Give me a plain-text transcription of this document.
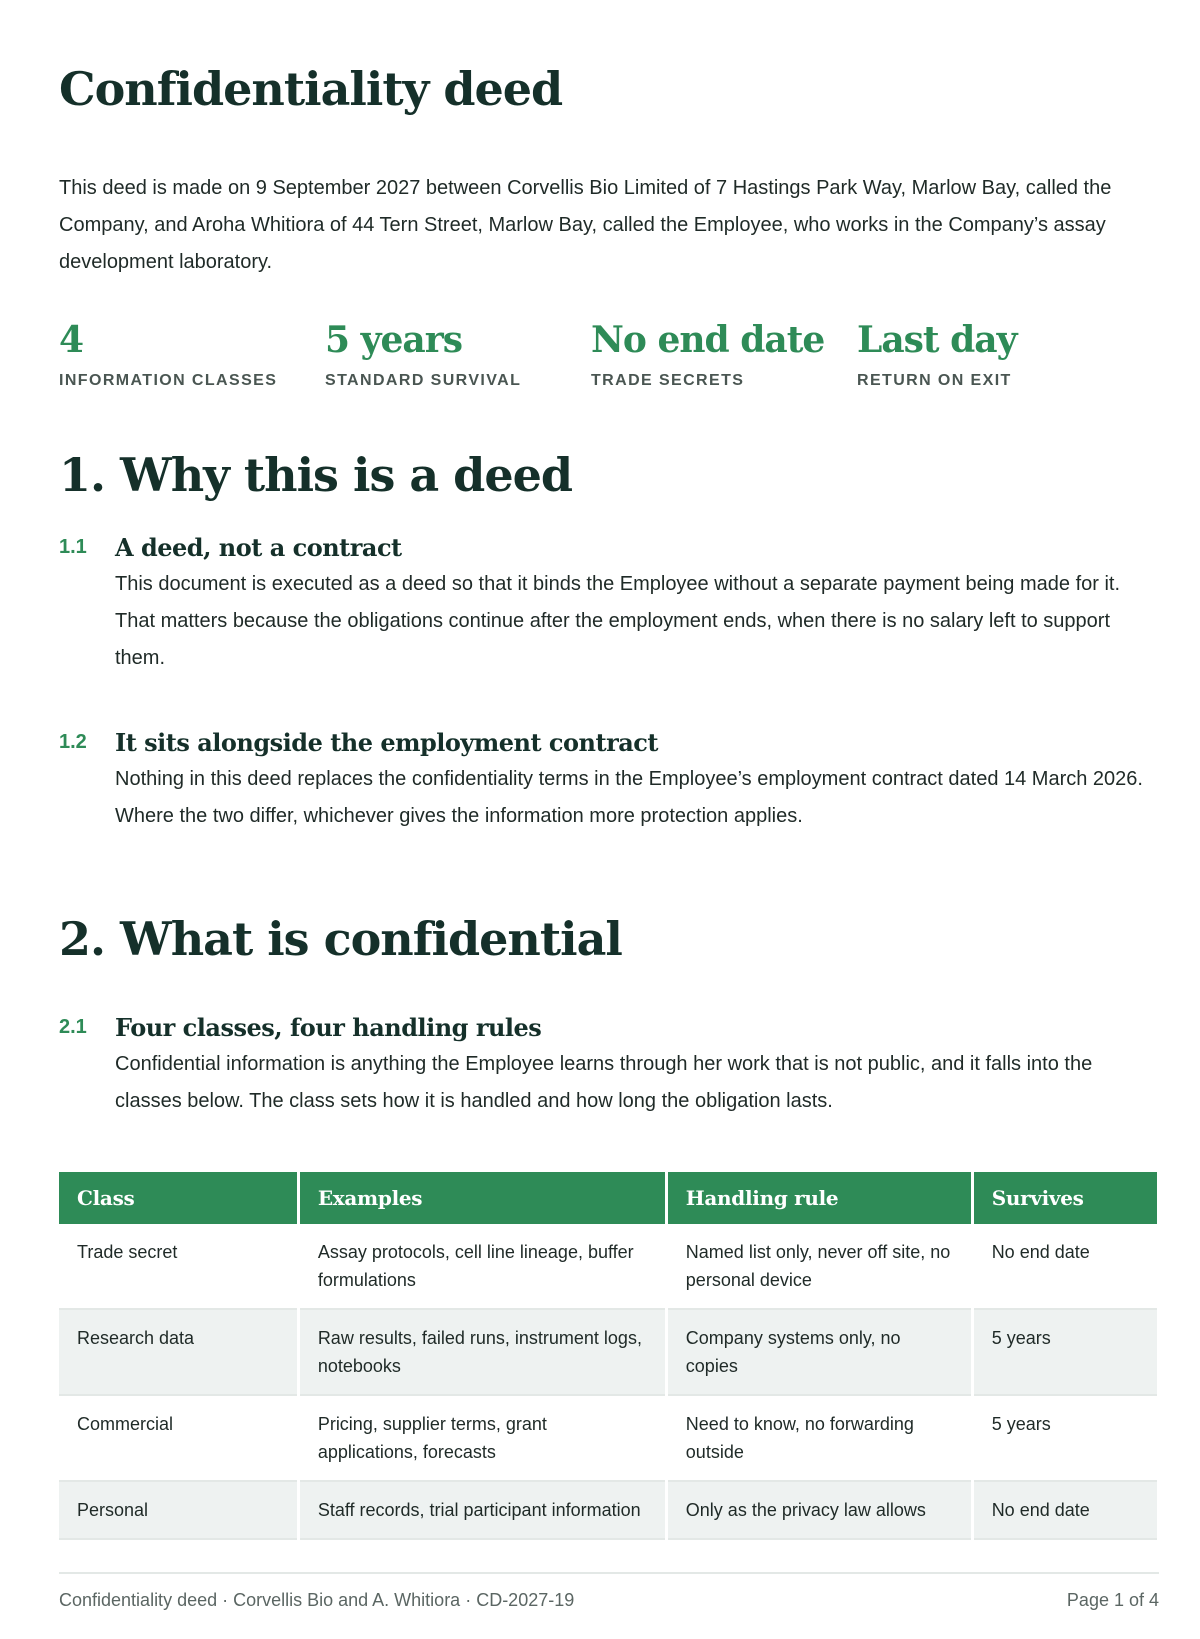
Confidentiality deed

This deed is made on 9 September 2027 between Corvellis Bio Limited of 7 Hastings Park Way, Marlow Bay, called the Company, and Aroha Whitiora of 44 Tern Street, Marlow Bay, called the Employee, who works in the Company’s assay development laboratory.

4
INFORMATION CLASSES
5 years
STANDARD SURVIVAL
No end date
TRADE SECRETS
Last day
RETURN ON EXIT
1. Why this is a deed
1.1 A deed, not a contract

This document is executed as a deed so that it binds the Employee without a separate payment being made for it. That matters because the obligations continue after the employment ends, when there is no salary left to support them.

1.2 It sits alongside the employment contract

Nothing in this deed replaces the confidentiality terms in the Employee’s employment contract dated 14 March 2026. Where the two differ, whichever gives the information more protection applies.

2. What is confidential
2.1 Four classes, four handling rules

Confidential information is anything the Employee learns through her work that is not public, and it falls into the classes below. The class sets how it is handled and how long the obligation lasts.

Class	Examples	Handling rule	Survives
Trade secret	Assay protocols, cell line lineage, buffer formulations	Named list only, never off site, no personal device	No end date
Research data	Raw results, failed runs, instrument logs, notebooks	Company systems only, no copies	5 years
Commercial	Pricing, supplier terms, grant applications, forecasts	Need to know, no forwarding outside	5 years
Personal	Staff records, trial participant information	Only as the privacy law allows	No end date
Confidentiality deed · Corvellis Bio and A. Whitiora · CD-2027-19	Page 1 of 4
